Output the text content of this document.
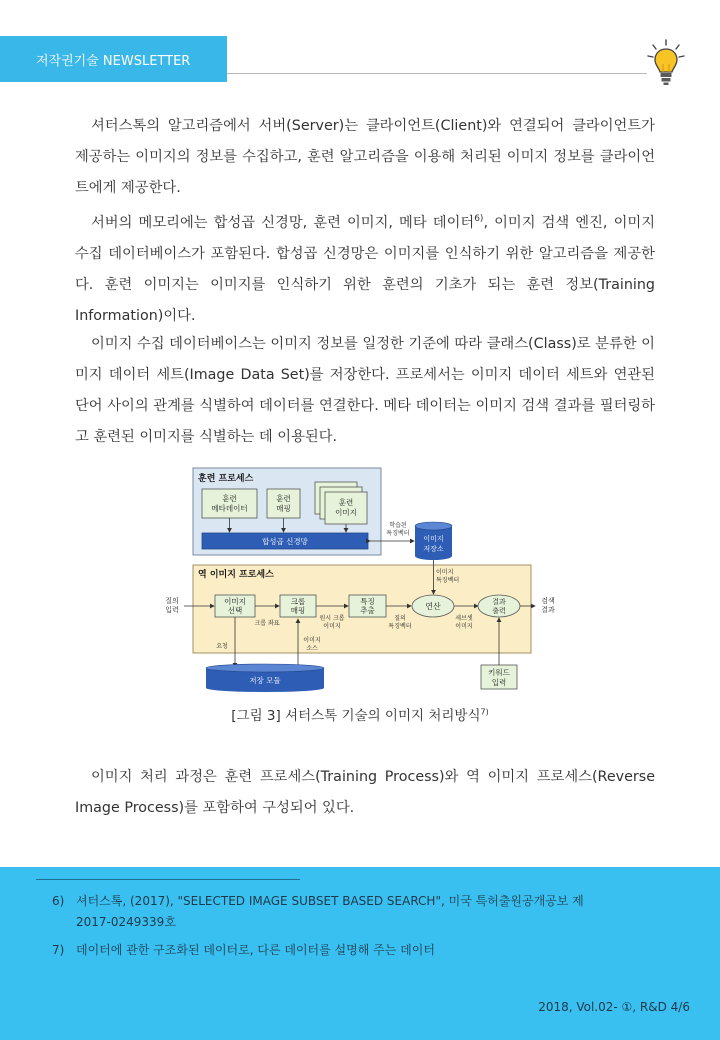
저작권기술 NEWSLETTER

셔터스톡의 알고리즘에서 서버(Server)는 클라이언트(Client)와 연결되어 클라이언트가 제공하는 이미지의 정보를 수집하고, 훈련 알고리즘을 이용해 처리된 이미지 정보를 클라이언트에게 제공한다.

서버의 메모리에는 합성곱 신경망, 훈련 이미지, 메타 데이터$^{6)}$, 이미지 검색 엔진, 이미지 수집 데이터베이스가 포함된다. 합성곱 신경망은 이미지를 인식하기 위한 알고리즘을 제공한다. 훈련 이미지는 이미지를 인식하기 위한 훈련의 기초가 되는 훈련 정보(Training Information)이다.

이미지 수집 데이터베이스는 이미지 정보를 일정한 기준에 따라 클래스(Class)로 분류한 이미지 데이터 세트(Image Data Set)를 저장한다. 프로세서는 이미지 데이터 세트와 연관된 단어 사이의 관계를 식별하여 데이터를 연결한다. 메타 데이터는 이미지 검색 결과를 필터링하고 훈련된 이미지를 식별하는 데 이용된다.

훈련 프로세스
훈련
메타데이터
훈련
매핑
훈련
이미지
합성곱 신경망
학습된
특징벡터
이미지
저장소
역 이미지 프로세스	이미지
특징벡터
질의
입력
이미지
선택
크롭 좌표
크롭
매핑
원시 크롭
이미지
특징
추출
질의
특징벡터
연산
세브셋
이미지
결과
출력
검색
결과
요청
이미지
소스
저장 모듈
키워드
입력
[그림 3] 셔터스톡 기술의 이미지 처리방식$^{7)}$

이미지 처리 과정은 훈련 프로세스(Training Process)와 역 이미지 프로세스(Reverse Image Process)를 포함하여 구성되어 있다.

6) 셔터스톡, (2017), "SELECTED IMAGE SUBSET BASED SEARCH", 미국 특허출원공개공보 제2017-0249339호
7) 데이터에 관한 구조화된 데이터로, 다른 데이터를 설명해 주는 데이터
2018, Vol.02- ①, R&D 4/6
